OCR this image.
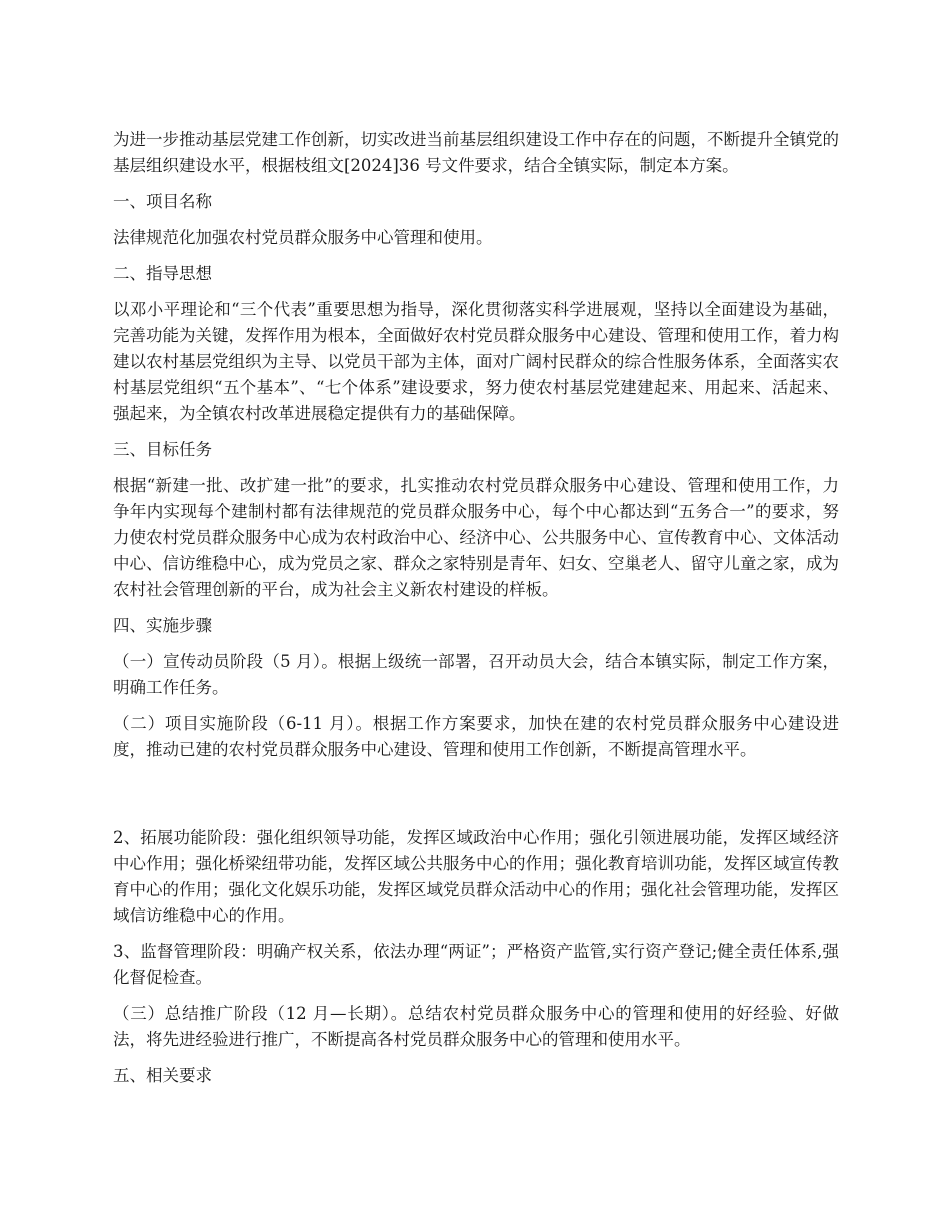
为进一步推动基层党建工作创新，切实改进当前基层组织建设工作中存在的问题，不断提升全镇党的基层组织建设水平，根据枝组文[2024]36 号文件要求，结合全镇实际，制定本方案。

一、项目名称

法律规范化加强农村党员群众服务中心管理和使用。

二、指导思想

以邓小平理论和“三个代表”重要思想为指导，深化贯彻落实科学进展观，坚持以全面建设为基础，完善功能为关键，发挥作用为根本，全面做好农村党员群众服务中心建设、管理和使用工作，着力构建以农村基层党组织为主导、以党员干部为主体，面对广阔村民群众的综合性服务体系，全面落实农村基层党组织“五个基本”、“七个体系”建设要求，努力使农村基层党建建起来、用起来、活起来、强起来，为全镇农村改革进展稳定提供有力的基础保障。

三、目标任务

根据“新建一批、改扩建一批”的要求，扎实推动农村党员群众服务中心建设、管理和使用工作，力争年内实现每个建制村都有法律规范的党员群众服务中心，每个中心都达到“五务合一”的要求，努力使农村党员群众服务中心成为农村政治中心、经济中心、公共服务中心、宣传教育中心、文体活动中心、信访维稳中心，成为党员之家、群众之家特别是青年、妇女、空巢老人、留守儿童之家，成为农村社会管理创新的平台，成为社会主义新农村建设的样板。

四、实施步骤

（一）宣传动员阶段（5 月）。根据上级统一部署，召开动员大会，结合本镇实际，制定工作方案，明确工作任务。

（二）项目实施阶段（6-11 月）。根据工作方案要求，加快在建的农村党员群众服务中心建设进度，推动已建的农村党员群众服务中心建设、管理和使用工作创新，不断提高管理水平。

2、拓展功能阶段：强化组织领导功能，发挥区域政治中心作用；强化引领进展功能，发挥区域经济中心作用；强化桥梁纽带功能，发挥区域公共服务中心的作用；强化教育培训功能，发挥区域宣传教育中心的作用；强化文化娱乐功能，发挥区域党员群众活动中心的作用；强化社会管理功能，发挥区域信访维稳中心的作用。

3、监督管理阶段：明确产权关系，依法办理“两证”；严格资产监管,实行资产登记;健全责任体系,强化督促检查。

（三）总结推广阶段（12 月—长期）。总结农村党员群众服务中心的管理和使用的好经验、好做法，将先进经验进行推广，不断提高各村党员群众服务中心的管理和使用水平。

五、相关要求
